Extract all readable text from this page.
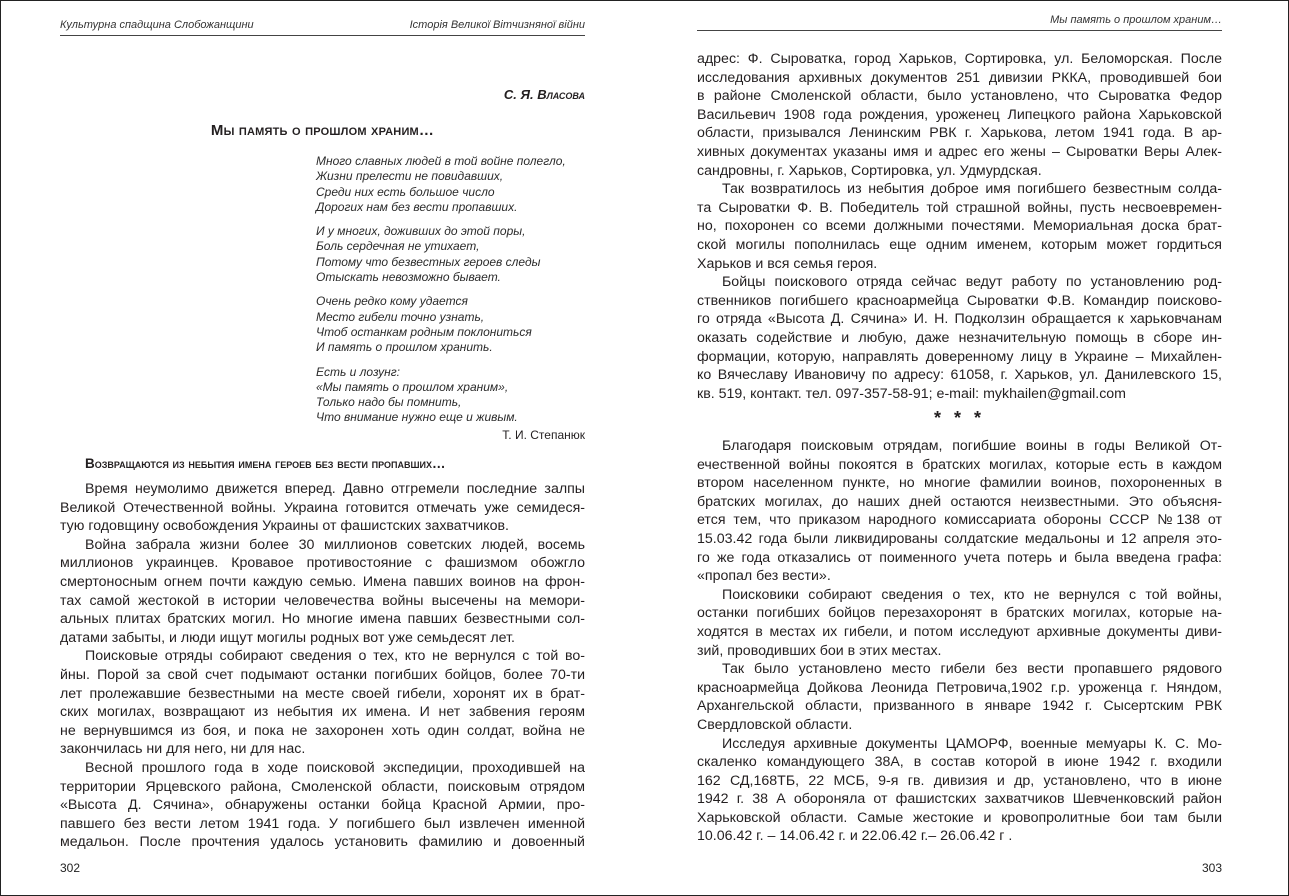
Культурна спадщина Слобожанщини	Історія Великої Вітчизняної війни
С. Я. Власова
Мы память о прошлом храним…
Много славных людей в той войне полегло,
Жизни прелести не повидавших,
Среди них есть большое число
Дорогих нам без вести пропавших.
И у многих, доживших до этой поры,
Боль сердечная не утихает,
Потому что безвестных героев следы
Отыскать невозможно бывает.
Очень редко кому удается
Место гибели точно узнать,
Чтоб останкам родным поклониться
И память о прошлом хранить.
Есть и лозунг:
«Мы память о прошлом храним»,
Только надо бы помнить,
Что внимание нужно еще и живым.
Т. И. Степанюк
Возвращаются из небытия имена героев без вести пропавших…
Время неумолимо движется вперед. Давно отгремели последние залпы
Великой Отечественной войны. Украина готовится отмечать уже семидеся-
тую годовщину освобождения Украины от фашистских захватчиков.
Война забрала жизни более 30 миллионов советских людей, восемь
миллионов украинцев. Кровавое противостояние с фашизмом обожгло
смертоносным огнем почти каждую семью. Имена павших воинов на фрон-
тах самой жестокой в истории человечества войны высечены на мемори-
альных плитах братских могил. Но многие имена павших безвестными сол-
датами забыты, и люди ищут могилы родных вот уже семьдесят лет.
Поисковые отряды собирают сведения о тех, кто не вернулся с той во-
йны. Порой за свой счет подымают останки погибших бойцов, более 70-ти
лет пролежавшие безвестными на месте своей гибели, хоронят их в брат-
ских могилах, возвращают из небытия их имена. И нет забвения героям
не вернувшимся из боя, и пока не захоронен хоть один солдат, война не
закончилась ни для него, ни для нас.
Весной прошлого года в ходе поисковой экспедиции, проходившей на
территории Ярцевского района, Смоленской области, поисковым отрядом
«Высота Д. Сячина», обнаружены останки бойца Красной Армии, про-
павшего без вести летом 1941 года. У погибшего был извлечен именной
медальон. После прочтения удалось установить фамилию и довоенный
302
Мы память о прошлом храним…
адрес: Ф. Сыроватка, город Харьков, Сортировка, ул. Беломорская. После
исследования архивных документов 251 дивизии РККА, проводившей бои
в районе Смоленской области, было установлено, что Сыроватка Федор
Васильевич 1908 года рождения, уроженец Липецкого района Харьковской
области, призывался Ленинским РВК г. Харькова, летом 1941 года. В ар-
хивных документах указаны имя и адрес его жены – Сыроватки Веры Алек-
сандровны, г. Харьков, Сортировка, ул. Удмурдская.
Так возвратилось из небытия доброе имя погибшего безвестным солда-
та Сыроватки Ф. В. Победитель той страшной войны, пусть несвоевремен-
но, похоронен со всеми должными почестями. Мемориальная доска брат-
ской могилы пополнилась еще одним именем, которым может гордиться
Харьков и вся семья героя.
Бойцы поискового отряда сейчас ведут работу по установлению род-
ственников погибшего красноармейца Сыроватки Ф.В. Командир поисково-
го отряда «Высота Д. Сячина» И. Н. Подколзин обращается к харьковчанам
оказать содействие и любую, даже незначительную помощь в сборе ин-
формации, которую, направлять доверенному лицу в Украине – Михайлен-
ко Вячеславу Ивановичу по адресу: 61058, г. Харьков, ул. Данилевского 15,
кв. 519, контакт. тел. 097-357-58-91; e-mail: mykhailen@gmail.com
* * *
Благодаря поисковым отрядам, погибшие воины в годы Великой От-
ечественной войны покоятся в братских могилах, которые есть в каждом
втором населенном пункте, но многие фамилии воинов, похороненных в
братских могилах, до наших дней остаются неизвестными. Это объясня-
ется тем, что приказом народного комиссариата обороны СССР №138 от
15.03.42 года были ликвидированы солдатские медальоны и 12 апреля это-
го же года отказались от поименного учета потерь и была введена графа:
«пропал без вести».
Поисковики собирают сведения о тех, кто не вернулся с той войны,
останки погибших бойцов перезахоронят в братских могилах, которые на-
ходятся в местах их гибели, и потом исследуют архивные документы диви-
зий, проводивших бои в этих местах.
Так было установлено место гибели без вести пропавшего рядового
красноармейца Дойкова Леонида Петровича,1902 г.р. уроженца г. Няндом,
Архангельской области, призванного в январе 1942 г. Сысертским РВК
Свердловской области.
Исследуя архивные документы ЦАМОРФ, военные мемуары К. С. Мо-
скаленко командующего 38А, в состав которой в июне 1942 г. входили
162 СД,168ТБ, 22 МСБ, 9-я гв. дивизия и др, установлено, что в июне
1942 г. 38 А обороняла от фашистских захватчиков Шевченковский район
Харьковской области. Самые жестокие и кровопролитные бои там были
10.06.42 г. – 14.06.42 г. и 22.06.42 г.– 26.06.42 г .
303
